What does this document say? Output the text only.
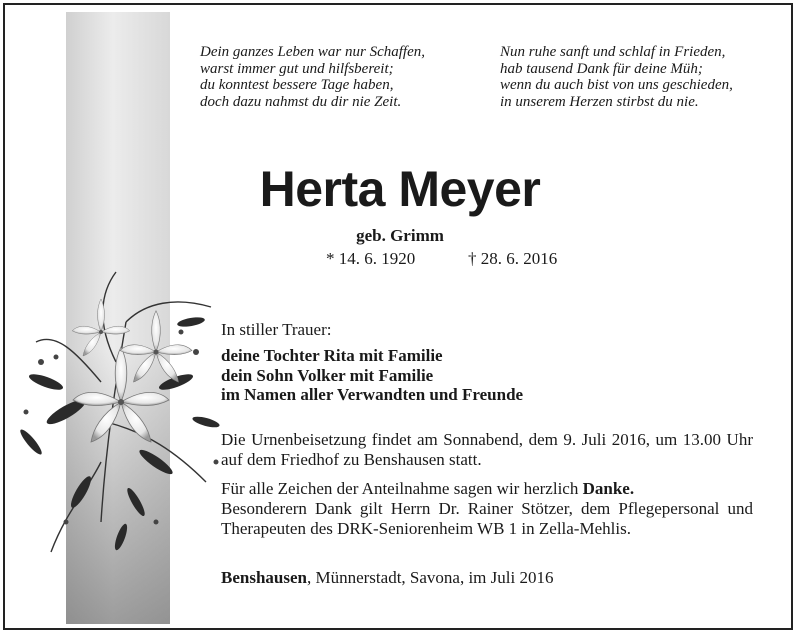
Dein ganzes Leben war nur Schaffen,
warst immer gut und hilfsbereit;
du konntest bessere Tage haben,
doch dazu nahmst du dir nie Zeit.
Nun ruhe sanft und schlaf in Frieden,
hab tausend Dank für deine Müh;
wenn du auch bist von uns geschieden,
in unserem Herzen stirbst du nie.
Herta Meyer
geb. Grimm
* 14. 6. 1920	† 28. 6. 2016
In stiller Trauer:
deine Tochter Rita mit Familie
dein Sohn Volker mit Familie
im Namen aller Verwandten und Freunde
Die Urnenbeisetzung findet am Sonnabend, dem 9. Juli 2016, um 13.00 Uhr auf dem Friedhof zu Benshausen statt.
Für alle Zeichen der Anteilnahme sagen wir herzlich Danke.
Besonderern Dank gilt Herrn Dr. Rainer Stötzer, dem Pflegepersonal und Therapeuten des DRK-Seniorenheim WB 1 in Zella-Mehlis.
Benshausen, Münnerstadt, Savona, im Juli 2016
